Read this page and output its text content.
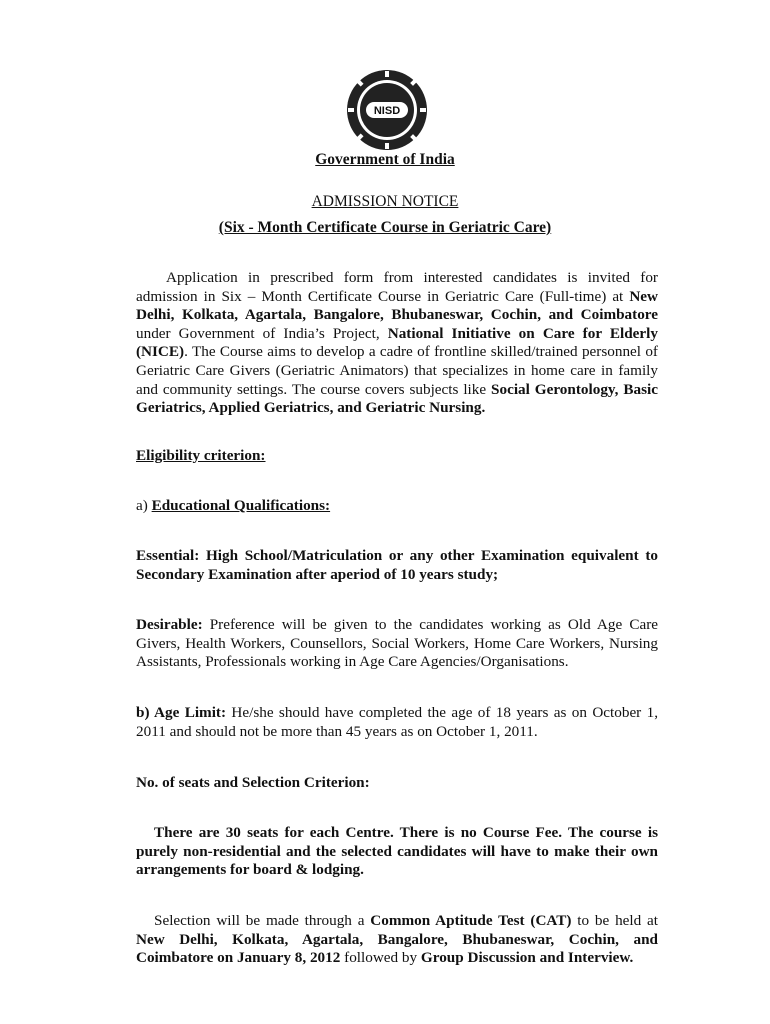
NISD
Government of India
ADMISSION NOTICE
(Six - Month Certificate Course in Geriatric Care)
Application in prescribed form from interested candidates is invited for admission in Six – Month Certificate Course in Geriatric Care (Full-time) at New Delhi, Kolkata, Agartala, Bangalore, Bhubaneswar, Cochin, and Coimbatore under Government of India’s Project, National Initiative on Care for Elderly (NICE). The Course aims to develop a cadre of frontline skilled/trained personnel of Geriatric Care Givers (Geriatric Animators) that specializes in home care in family and community settings. The course covers subjects like Social Gerontology, Basic Geriatrics, Applied Geriatrics, and Geriatric Nursing.
Eligibility criterion:
a) Educational Qualifications:
Essential: High School/Matriculation or any other Examination equivalent to Secondary Examination after aperiod of 10 years study;
Desirable: Preference will be given to the candidates working as Old Age Care Givers, Health Workers, Counsellors, Social Workers, Home Care Workers, Nursing Assistants, Professionals working in Age Care Agencies/Organisations.
b) Age Limit: He/she should have completed the age of 18 years as on October 1, 2011 and should not be more than 45 years as on October 1, 2011.
No. of seats and Selection Criterion:
There are 30 seats for each Centre. There is no Course Fee. The course is purely non-residential and the selected candidates will have to make their own arrangements for board & lodging.
Selection will be made through a Common Aptitude Test (CAT) to be held at New Delhi, Kolkata, Agartala, Bangalore, Bhubaneswar, Cochin, and Coimbatore on January 8, 2012 followed by Group Discussion and Interview.
